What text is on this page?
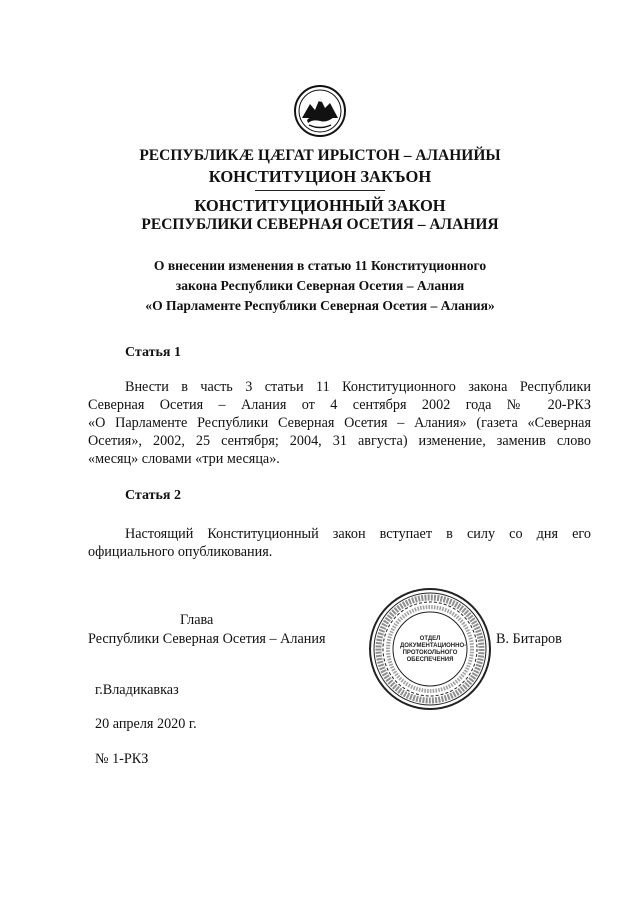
РЕСПУБЛИКÆ ЦÆГАТ ИРЫСТОН – АЛАНИЙЫ
КОНСТИТУЦИОН ЗАКЪОН
КОНСТИТУЦИОННЫЙ ЗАКОН
РЕСПУБЛИКИ СЕВЕРНАЯ ОСЕТИЯ – АЛАНИЯ
О внесении изменения в статью 11 Конституционного
закона Республики Северная Осетия – Алания
«О Парламенте Республики Северная Осетия – Алания»
Статья 1
Внести в часть 3 статьи 11 Конституционного закона Республики
Северная Осетия – Алания от 4 сентября 2002 года № 20-РКЗ
«О Парламенте Республики Северная Осетия – Алания» (газета «Северная
Осетия», 2002, 25 сентября; 2004, 31 августа) изменение, заменив слово
«месяц» словами «три месяца».
Статья 2
Настоящий Конституционный закон вступает в силу со дня его
официального опубликования.
Глава
Республики Северная Осетия – Алания	ОТДЕЛ
ДОКУМЕНТАЦИОННО-
ПРОТОКОЛЬНОГО
ОБЕСПЕЧЕНИЯ
В. Битаров
г.Владикавказ
20 апреля 2020 г.
№ 1-РКЗ
